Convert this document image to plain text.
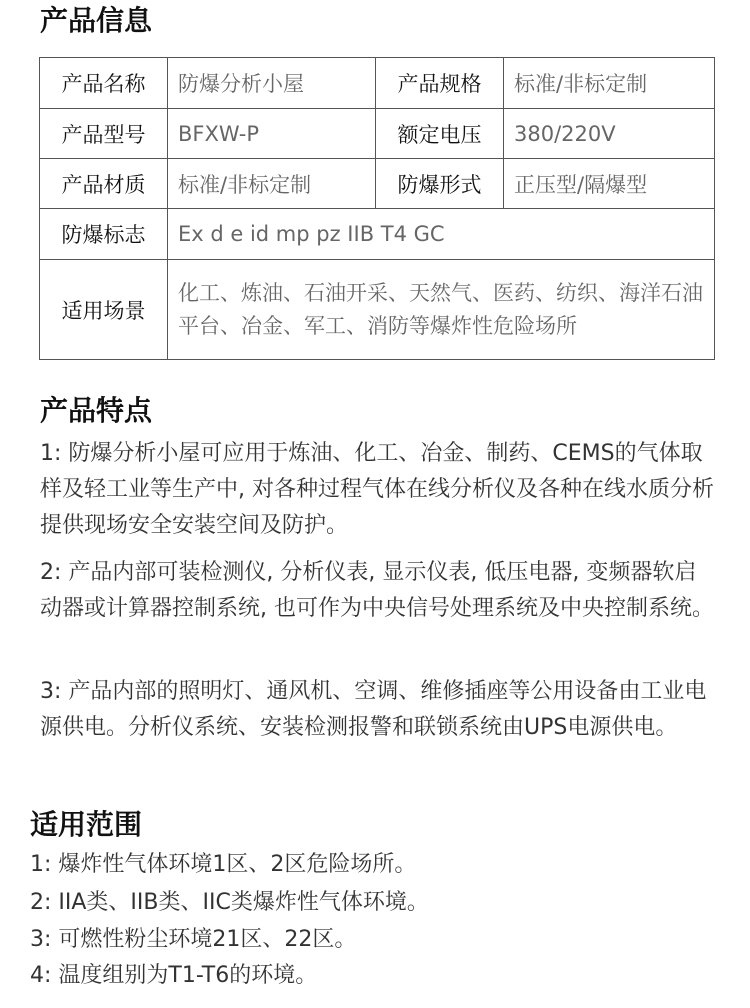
产品信息
产品名称	防爆分析小屋	产品规格	标准/非标定制
产品型号	BFXW-P	额定电压	380/220V
产品材质	标准/非标定制	防爆形式	正压型/隔爆型
防爆标志	Ex d e id mp pz IIB T4 GC		
适用场景	化工、炼油、石油开采、天然气、医药、纺织、海洋石油平台、冶金、军工、消防等爆炸性危险场所		
产品特点

1: 防爆分析小屋可应用于炼油、化工、冶金、制药、CEMS的气体取样及轻工业等生产中, 对各种过程气体在线分析仪及各种在线水质分析提供现场安全安装空间及防护。

2: 产品内部可装检测仪, 分析仪表, 显示仪表, 低压电器, 变频器软启动器或计算器控制系统, 也可作为中央信号处理系统及中央控制系统。

3: 产品内部的照明灯、通风机、空调、维修插座等公用设备由工业电源供电。分析仪系统、安装检测报警和联锁系统由UPS电源供电。

适用范围

1: 爆炸性气体环境1区、2区危险场所。

2: IIA类、IIB类、IIC类爆炸性气体环境。

3: 可燃性粉尘环境21区、22区。

4: 温度组别为T1-T6的环境。
